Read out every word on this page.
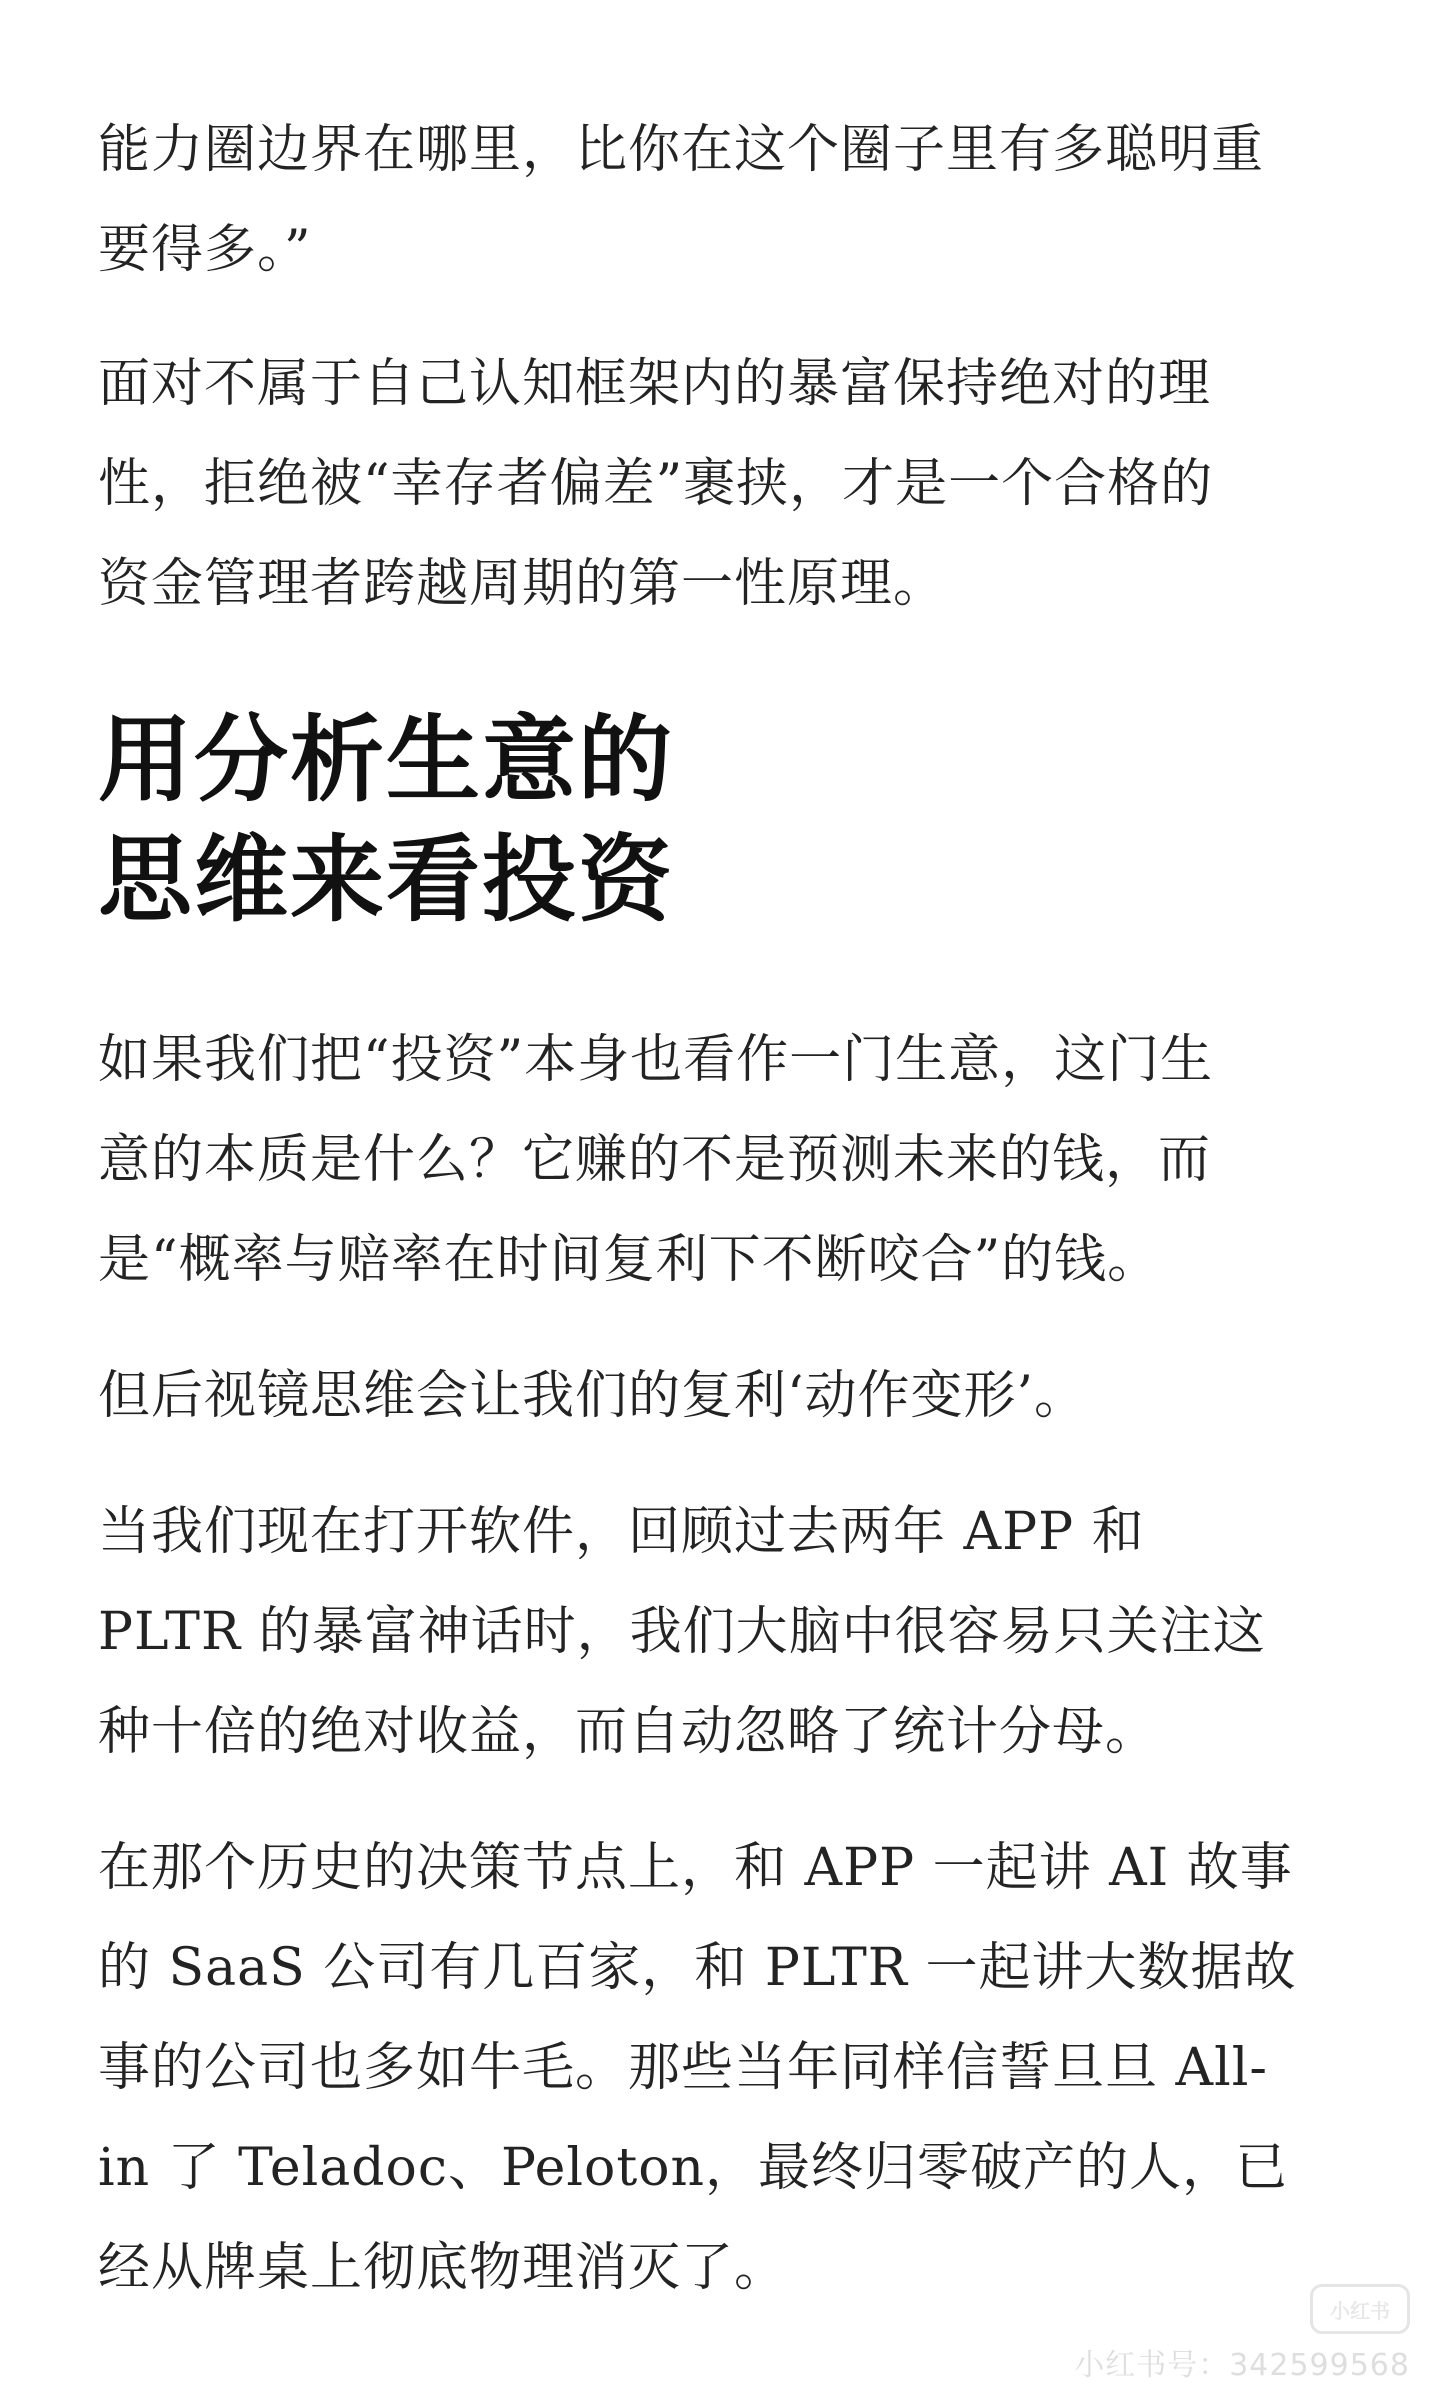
能力圈边界在哪里，比你在这个圈子里有多聪明重
要得多。”

面对不属于自己认知框架内的暴富保持绝对的理
性，拒绝被“幸存者偏差”裹挟，才是一个合格的
资金管理者跨越周期的第一性原理。

用分析生意的
思维来看投资

如果我们把“投资”本身也看作一门生意，这门生
意的本质是什么？它赚的不是预测未来的钱，而
是“概率与赔率在时间复利下不断咬合”的钱。

但后视镜思维会让我们的复利‘动作变形’。

当我们现在打开软件，回顾过去两年 APP 和
PLTR 的暴富神话时，我们大脑中很容易只关注这
种十倍的绝对收益，而自动忽略了统计分母。

在那个历史的决策节点上，和 APP 一起讲 AI 故事
的 SaaS 公司有几百家，和 PLTR 一起讲大数据故
事的公司也多如牛毛。那些当年同样信誓旦旦 All-
in 了 Teladoc、Peloton，最终归零破产的人，已
经从牌桌上彻底物理消灭了。

小红书
小红书号：342599568
